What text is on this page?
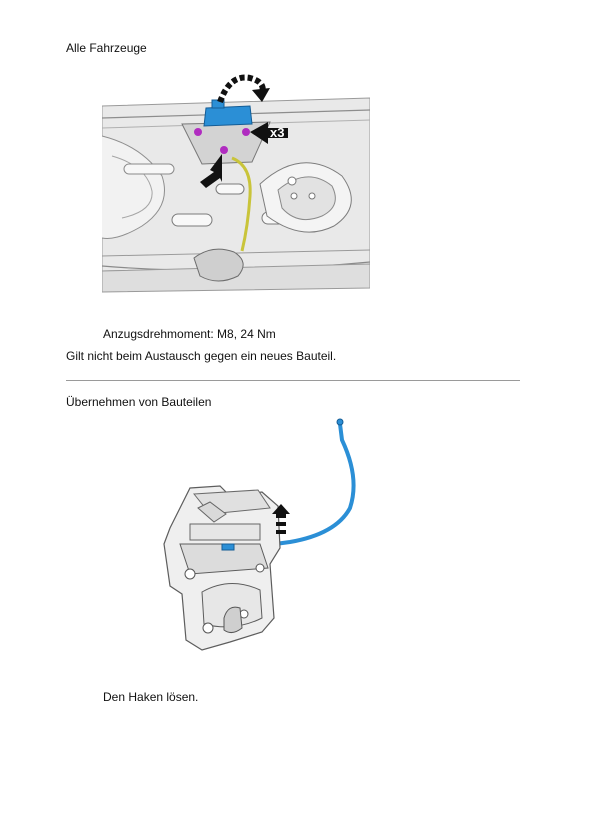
Alle Fahrzeuge
x3
Anzugsdrehmoment: M8, 24 Nm
Gilt nicht beim Austausch gegen ein neues Bauteil.
Übernehmen von Bauteilen
Den Haken lösen.
